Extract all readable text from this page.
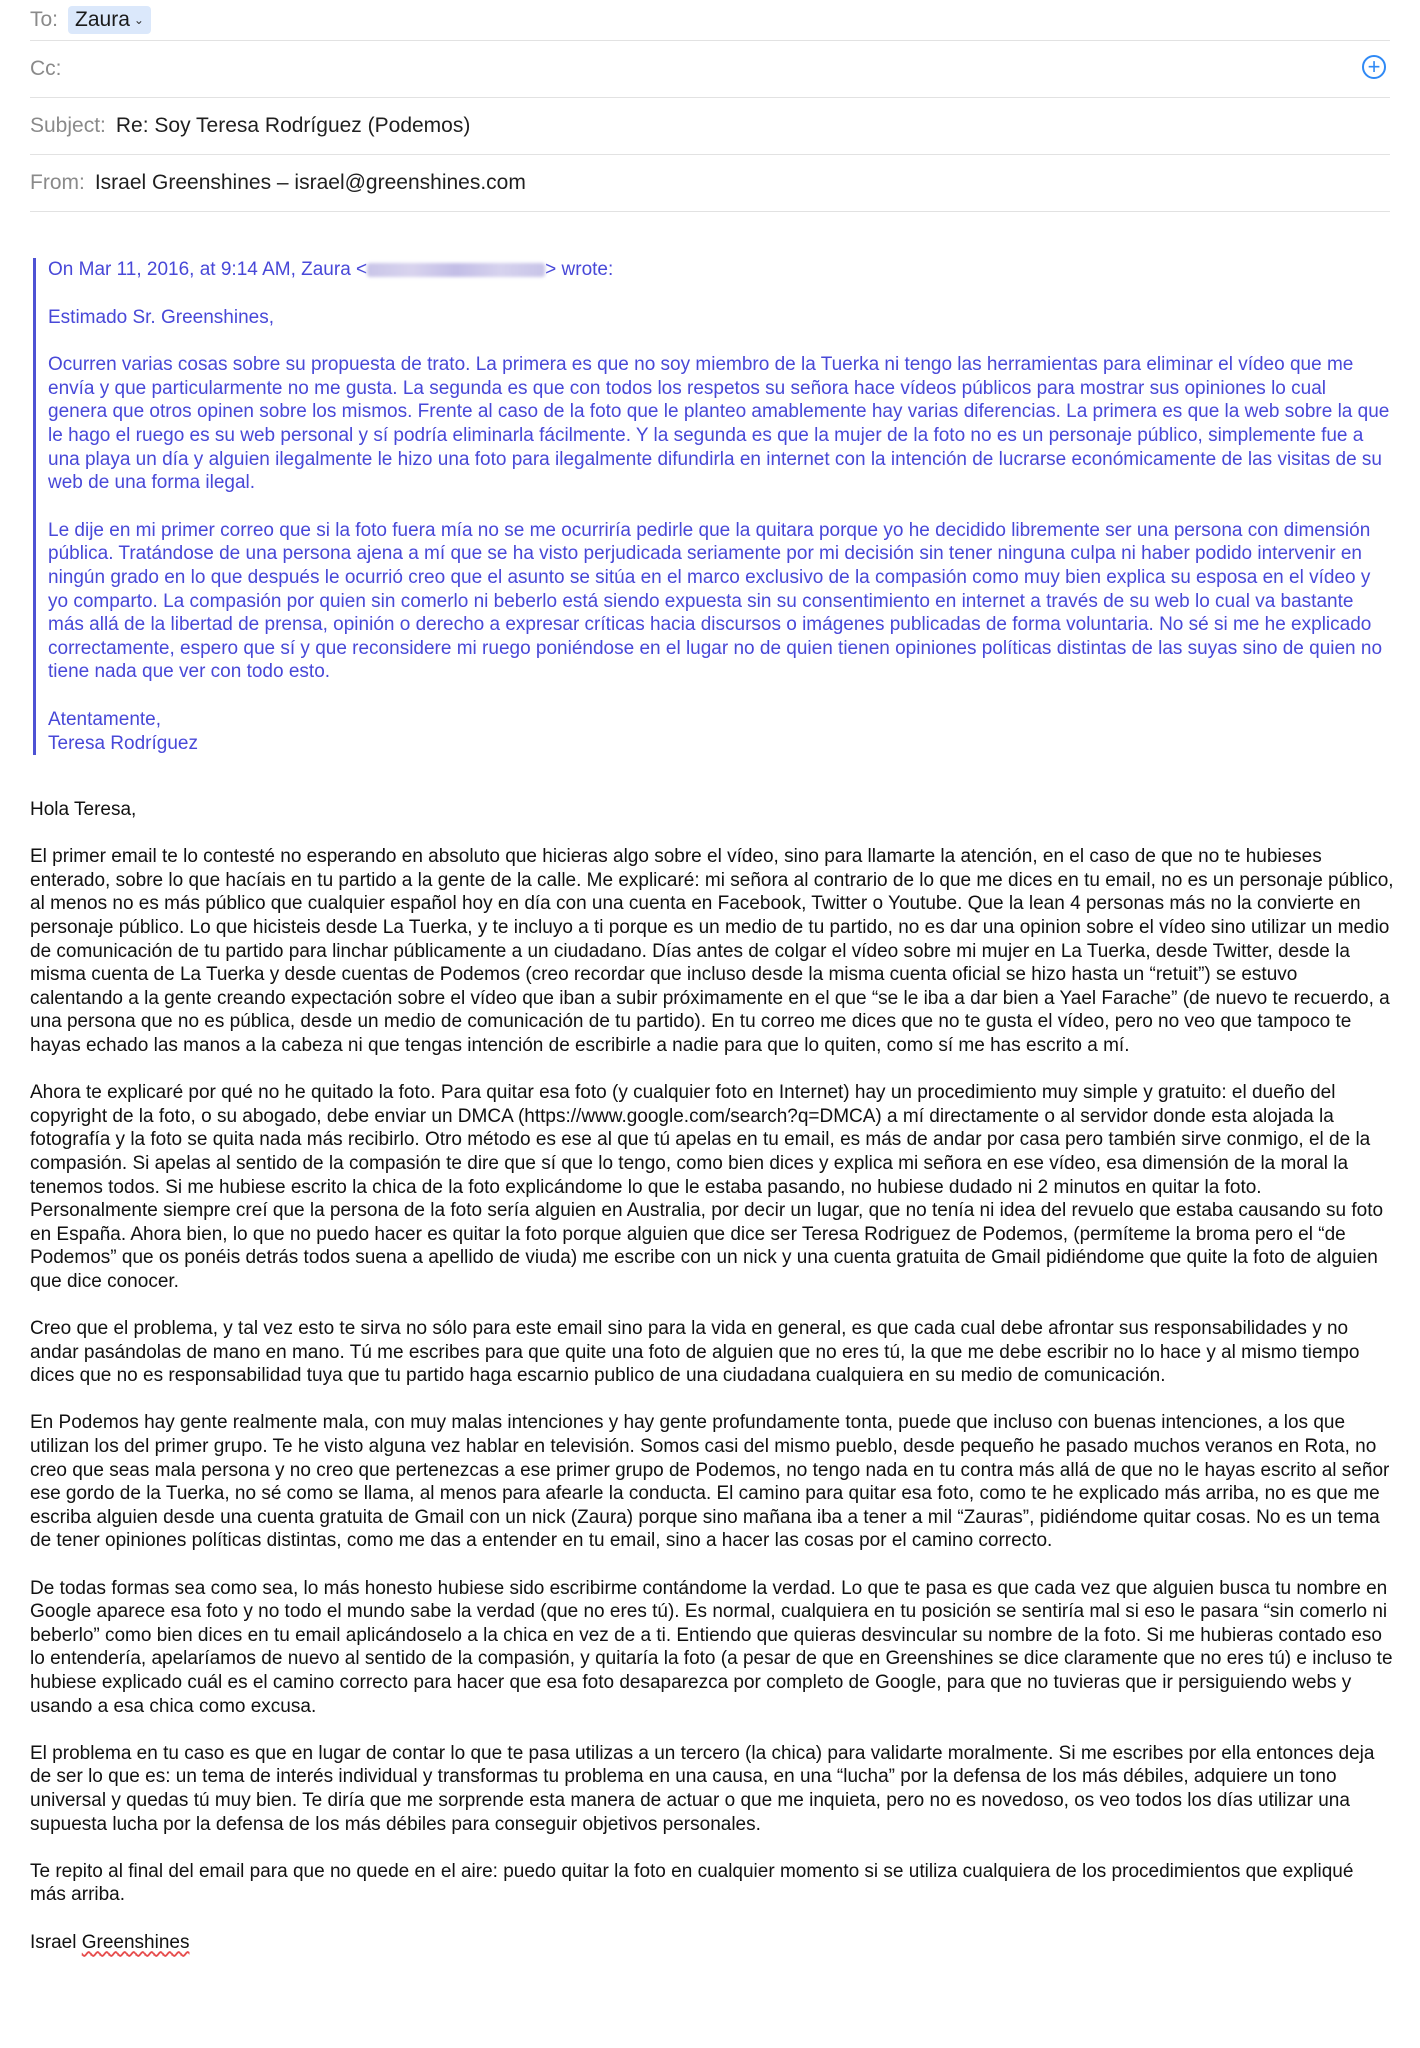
To: Zaura ⌄
Cc:	+
Subject: Re: Soy Teresa Rodríguez (Podemos)
From: Israel Greenshines – israel@greenshines.com

On Mar 11, 2016, at 9:14 AM, Zaura <	> wrote:

Estimado Sr. Greenshines,

Ocurren varias cosas sobre su propuesta de trato. La primera es que no soy miembro de la Tuerka ni tengo las herramientas para eliminar el vídeo que me envía y que particularmente no me gusta. La segunda es que con todos los respetos su señora hace vídeos públicos para mostrar sus opiniones lo cual genera que otros opinen sobre los mismos. Frente al caso de la foto que le planteo amablemente hay varias diferencias. La primera es que la web sobre la que le hago el ruego es su web personal y sí podría eliminarla fácilmente. Y la segunda es que la mujer de la foto no es un personaje público, simplemente fue a una playa un día y alguien ilegalmente le hizo una foto para ilegalmente difundirla en internet con la intención de lucrarse económicamente de las visitas de su web de una forma ilegal.

Le dije en mi primer correo que si la foto fuera mía no se me ocurriría pedirle que la quitara porque yo he decidido libremente ser una persona con dimensión pública. Tratándose de una persona ajena a mí que se ha visto perjudicada seriamente por mi decisión sin tener ninguna culpa ni haber podido intervenir en ningún grado en lo que después le ocurrió creo que el asunto se sitúa en el marco exclusivo de la compasión como muy bien explica su esposa en el vídeo y yo comparto. La compasión por quien sin comerlo ni beberlo está siendo expuesta sin su consentimiento en internet a través de su web lo cual va bastante más allá de la libertad de prensa, opinión o derecho a expresar críticas hacia discursos o imágenes publicadas de forma voluntaria. No sé si me he explicado correctamente, espero que sí y que reconsidere mi ruego poniéndose en el lugar no de quien tienen opiniones políticas distintas de las suyas sino de quien no tiene nada que ver con todo esto.

Atentamente,
Teresa Rodríguez

Hola Teresa,

El primer email te lo contesté no esperando en absoluto que hicieras algo sobre el vídeo, sino para llamarte la atención, en el caso de que no te hubieses enterado, sobre lo que hacíais en tu partido a la gente de la calle. Me explicaré: mi señora al contrario de lo que me dices en tu email, no es un personaje público, al menos no es más público que cualquier español hoy en día con una cuenta en Facebook, Twitter o Youtube. Que la lean 4 personas más no la convierte en personaje público. Lo que hicisteis desde La Tuerka, y te incluyo a ti porque es un medio de tu partido, no es dar una opinion sobre el vídeo sino utilizar un medio de comunicación de tu partido para linchar públicamente a un ciudadano. Días antes de colgar el vídeo sobre mi mujer en La Tuerka, desde Twitter, desde la misma cuenta de La Tuerka y desde cuentas de Podemos (creo recordar que incluso desde la misma cuenta oficial se hizo hasta un “retuit”) se estuvo calentando a la gente creando expectación sobre el vídeo que iban a subir próximamente en el que “se le iba a dar bien a Yael Farache” (de nuevo te recuerdo, a una persona que no es pública, desde un medio de comunicación de tu partido). En tu correo me dices que no te gusta el vídeo, pero no veo que tampoco te hayas echado las manos a la cabeza ni que tengas intención de escribirle a nadie para que lo quiten, como sí me has escrito a mí.

Ahora te explicaré por qué no he quitado la foto. Para quitar esa foto (y cualquier foto en Internet) hay un procedimiento muy simple y gratuito: el dueño del copyright de la foto, o su abogado, debe enviar un DMCA (https://www.google.com/search?q=DMCA) a mí directamente o al servidor donde esta alojada la fotografía y la foto se quita nada más recibirlo. Otro método es ese al que tú apelas en tu email, es más de andar por casa pero también sirve conmigo, el de la compasión. Si apelas al sentido de la compasión te dire que sí que lo tengo, como bien dices y explica mi señora en ese vídeo, esa dimensión de la moral la tenemos todos. Si me hubiese escrito la chica de la foto explicándome lo que le estaba pasando, no hubiese dudado ni 2 minutos en quitar la foto. Personalmente siempre creí que la persona de la foto sería alguien en Australia, por decir un lugar, que no tenía ni idea del revuelo que estaba causando su foto en España. Ahora bien, lo que no puedo hacer es quitar la foto porque alguien que dice ser Teresa Rodriguez de Podemos, (permíteme la broma pero el “de Podemos” que os ponéis detrás todos suena a apellido de viuda) me escribe con un nick y una cuenta gratuita de Gmail pidiéndome que quite la foto de alguien que dice conocer.

Creo que el problema, y tal vez esto te sirva no sólo para este email sino para la vida en general, es que cada cual debe afrontar sus responsabilidades y no andar pasándolas de mano en mano. Tú me escribes para que quite una foto de alguien que no eres tú, la que me debe escribir no lo hace y al mismo tiempo dices que no es responsabilidad tuya que tu partido haga escarnio publico de una ciudadana cualquiera en su medio de comunicación.

En Podemos hay gente realmente mala, con muy malas intenciones y hay gente profundamente tonta, puede que incluso con buenas intenciones, a los que utilizan los del primer grupo. Te he visto alguna vez hablar en televisión. Somos casi del mismo pueblo, desde pequeño he pasado muchos veranos en Rota, no creo que seas mala persona y no creo que pertenezcas a ese primer grupo de Podemos, no tengo nada en tu contra más allá de que no le hayas escrito al señor ese gordo de la Tuerka, no sé como se llama, al menos para afearle la conducta. El camino para quitar esa foto, como te he explicado más arriba, no es que me escriba alguien desde una cuenta gratuita de Gmail con un nick (Zaura) porque sino mañana iba a tener a mil “Zauras”, pidiéndome quitar cosas. No es un tema de tener opiniones políticas distintas, como me das a entender en tu email, sino a hacer las cosas por el camino correcto.

De todas formas sea como sea, lo más honesto hubiese sido escribirme contándome la verdad. Lo que te pasa es que cada vez que alguien busca tu nombre en Google aparece esa foto y no todo el mundo sabe la verdad (que no eres tú). Es normal, cualquiera en tu posición se sentiría mal si eso le pasara “sin comerlo ni beberlo” como bien dices en tu email aplicándoselo a la chica en vez de a ti. Entiendo que quieras desvincular su nombre de la foto. Si me hubieras contado eso lo entendería, apelaríamos de nuevo al sentido de la compasión, y quitaría la foto (a pesar de que en Greenshines se dice claramente que no eres tú) e incluso te hubiese explicado cuál es el camino correcto para hacer que esa foto desaparezca por completo de Google, para que no tuvieras que ir persiguiendo webs y usando a esa chica como excusa.

El problema en tu caso es que en lugar de contar lo que te pasa utilizas a un tercero (la chica) para validarte moralmente. Si me escribes por ella entonces deja de ser lo que es: un tema de interés individual y transformas tu problema en una causa, en una “lucha” por la defensa de los más débiles, adquiere un tono universal y quedas tú muy bien. Te diría que me sorprende esta manera de actuar o que me inquieta, pero no es novedoso, os veo todos los días utilizar una supuesta lucha por la defensa de los más débiles para conseguir objetivos personales.

Te repito al final del email para que no quede en el aire: puedo quitar la foto en cualquier momento si se utiliza cualquiera de los procedimientos que expliqué más arriba.

Israel Greenshines
